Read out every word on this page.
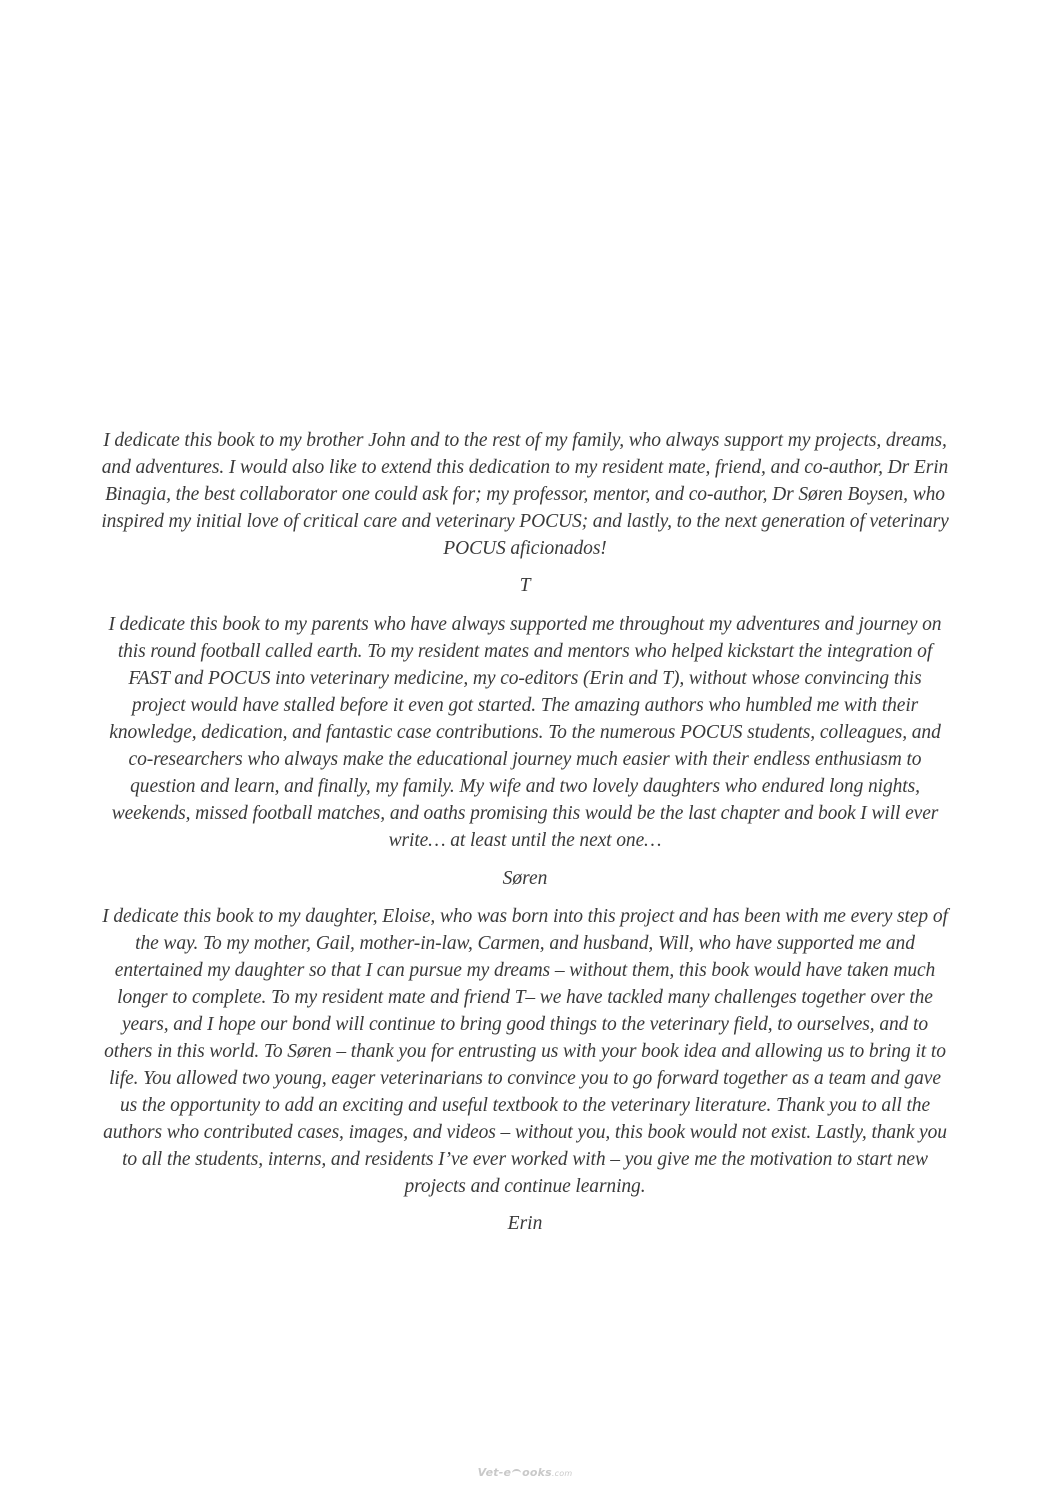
I dedicate this book to my brother John and to the rest of my family, who always support my projects, dreams, and adventures. I would also like to extend this dedication to my resident mate, friend, and co-author, Dr Erin Binagia, the best collaborator one could ask for; my professor, mentor, and co-author, Dr Søren Boysen, who inspired my initial love of critical care and veterinary POCUS; and lastly, to the next generation of veterinary POCUS aficionados!

T

I dedicate this book to my parents who have always supported me throughout my adventures and journey on this round football called earth. To my resident mates and mentors who helped kickstart the integration of FAST and POCUS into veterinary medicine, my co-editors (Erin and T), without whose convincing this project would have stalled before it even got started. The amazing authors who humbled me with their knowledge, dedication, and fantastic case contributions. To the numerous POCUS students, colleagues, and co-researchers who always make the educational journey much easier with their endless enthusiasm to question and learn, and finally, my family. My wife and two lovely daughters who endured long nights, weekends, missed football matches, and oaths promising this would be the last chapter and book I will ever write… at least until the next one…

Søren

I dedicate this book to my daughter, Eloise, who was born into this project and has been with me every step of the way. To my mother, Gail, mother-in-law, Carmen, and husband, Will, who have supported me and entertained my daughter so that I can pursue my dreams – without them, this book would have taken much longer to complete. To my resident mate and friend T– we have tackled many challenges together over the years, and I hope our bond will continue to bring good things to the veterinary field, to ourselves, and to others in this world. To Søren – thank you for entrusting us with your book idea and allowing us to bring it to life. You allowed two young, eager veterinarians to convince you to go forward together as a team and gave us the opportunity to add an exciting and useful textbook to the veterinary literature. Thank you to all the authors who contributed cases, images, and videos – without you, this book would not exist. Lastly, thank you to all the students, interns, and residents I’ve ever worked with – you give me the motivation to start new projects and continue learning.

Erin

Vet-e ooks.com
